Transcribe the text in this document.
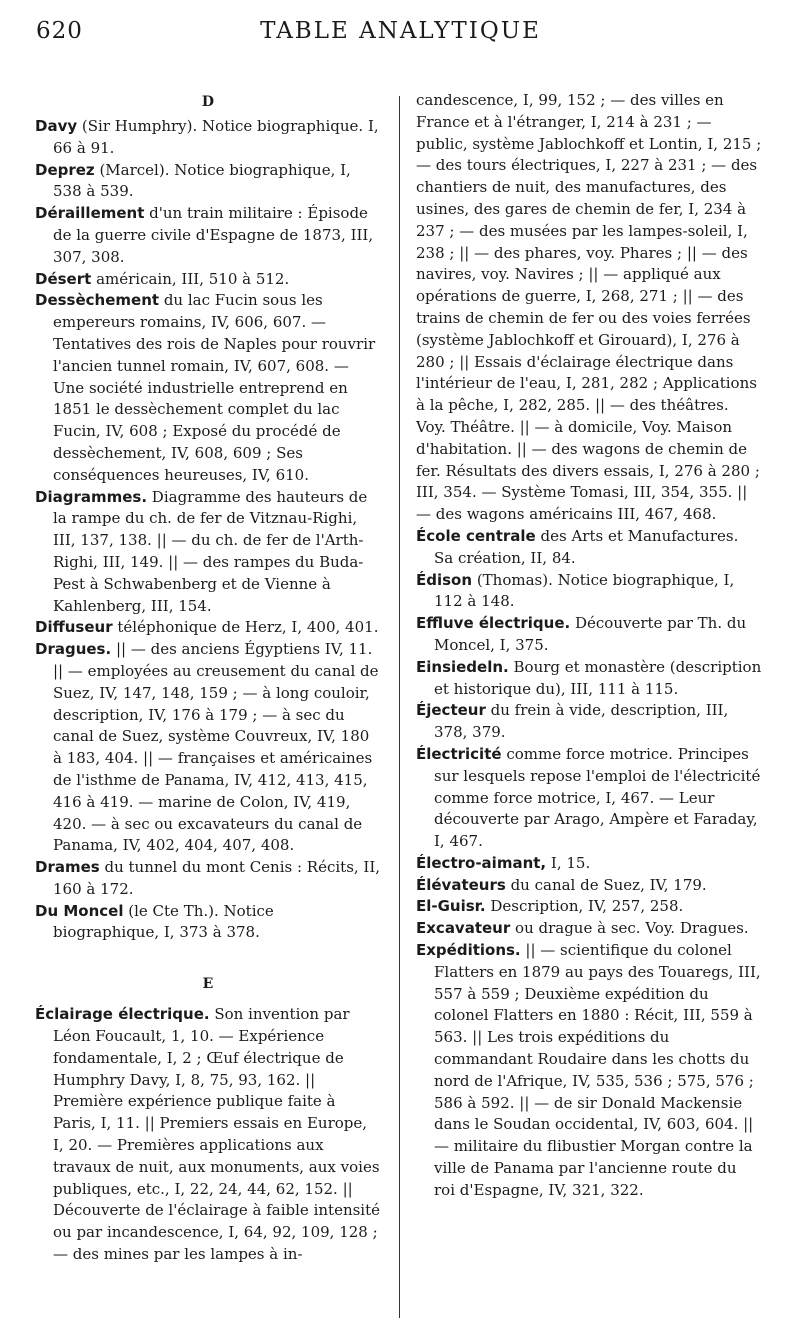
620	TABLE ANALYTIQUE
D

Davy (Sir Humphry). Notice biographique. I, 66 à 91.

Deprez (Marcel). Notice biographique, I, 538 à 539.

Déraillement d'un train militaire : Épisode de la guerre civile d'Espagne de 1873, III, 307, 308.

Désert américain, III, 510 à 512.

Dessèchement du lac Fucin sous les empereurs romains, IV, 606, 607. — Tentatives des rois de Naples pour rouvrir l'ancien tunnel romain, IV, 607, 608. — Une société industrielle entreprend en 1851 le dessèchement complet du lac Fucin, IV, 608 ; Exposé du procédé de dessèchement, IV, 608, 609 ; Ses conséquences heureuses, IV, 610.

Diagrammes. Diagramme des hauteurs de la rampe du ch. de fer de Vitznau-Righi, III, 137, 138. || — du ch. de fer de l'Arth-Righi, III, 149. || — des rampes du Buda-Pest à Schwabenberg et de Vienne à Kahlenberg, III, 154.

Diffuseur téléphonique de Herz, I, 400, 401.

Dragues. || — des anciens Égyptiens IV, 11. || — employées au creusement du canal de Suez, IV, 147, 148, 159 ; — à long couloir, description, IV, 176 à 179 ; — à sec du canal de Suez, système Couvreux, IV, 180 à 183, 404. || — françaises et américaines de l'isthme de Panama, IV, 412, 413, 415, 416 à 419. — marine de Colon, IV, 419, 420. — à sec ou excavateurs du canal de Panama, IV, 402, 404, 407, 408.

Drames du tunnel du mont Cenis : Récits, II, 160 à 172.

Du Moncel (le Cte Th.). Notice biographique, I, 373 à 378.

E

Éclairage électrique. Son invention par Léon Foucault, 1, 10. — Expérience fondamentale, I, 2 ; Œuf électrique de Humphry Davy, I, 8, 75, 93, 162. || Première expérience publique faite à Paris, I, 11. || Premiers essais en Europe, I, 20. — Premières applications aux travaux de nuit, aux monuments, aux voies publiques, etc., I, 22, 24, 44, 62, 152. || Découverte de l'éclairage à faible intensité ou par incandescence, I, 64, 92, 109, 128 ; — des mines par les lampes à in-

candescence, I, 99, 152 ; — des villes en France et à l'étranger, I, 214 à 231 ; — public, système Jablochkoff et Lontin, I, 215 ; — des tours électriques, I, 227 à 231 ; — des chantiers de nuit, des manufactures, des usines, des gares de chemin de fer, I, 234 à 237 ; — des musées par les lampes-soleil, I, 238 ; || — des phares, voy. Phares ; || — des navires, voy. Navires ; || — appliqué aux opérations de guerre, I, 268, 271 ; || — des trains de chemin de fer ou des voies ferrées (système Jablochkoff et Girouard), I, 276 à 280 ; || Essais d'éclairage électrique dans l'intérieur de l'eau, I, 281, 282 ; Applications à la pêche, I, 282, 285. || — des théâtres. Voy. Théâtre. || — à domicile, Voy. Maison d'habitation. || — des wagons de chemin de fer. Résultats des divers essais, I, 276 à 280 ; III, 354. — Système Tomasi, III, 354, 355. || — des wagons américains III, 467, 468.

École centrale des Arts et Manufactures. Sa création, II, 84.

Édison (Thomas). Notice biographique, I, 112 à 148.

Effluve électrique. Découverte par Th. du Moncel, I, 375.

Einsiedeln. Bourg et monastère (description et historique du), III, 111 à 115.

Éjecteur du frein à vide, description, III, 378, 379.

Électricité comme force motrice. Principes sur lesquels repose l'emploi de l'électricité comme force motrice, I, 467. — Leur découverte par Arago, Ampère et Faraday, I, 467.

Électro-aimant, I, 15.

Élévateurs du canal de Suez, IV, 179.

El-Guisr. Description, IV, 257, 258.

Excavateur ou drague à sec. Voy. Dragues.

Expéditions. || — scientifique du colonel Flatters en 1879 au pays des Touaregs, III, 557 à 559 ; Deuxième expédition du colonel Flatters en 1880 : Récit, III, 559 à 563. || Les trois expéditions du commandant Roudaire dans les chotts du nord de l'Afrique, IV, 535, 536 ; 575, 576 ; 586 à 592. || — de sir Donald Mackensie dans le Soudan occidental, IV, 603, 604. || — militaire du flibustier Morgan contre la ville de Panama par l'ancienne route du roi d'Espagne, IV, 321, 322.
